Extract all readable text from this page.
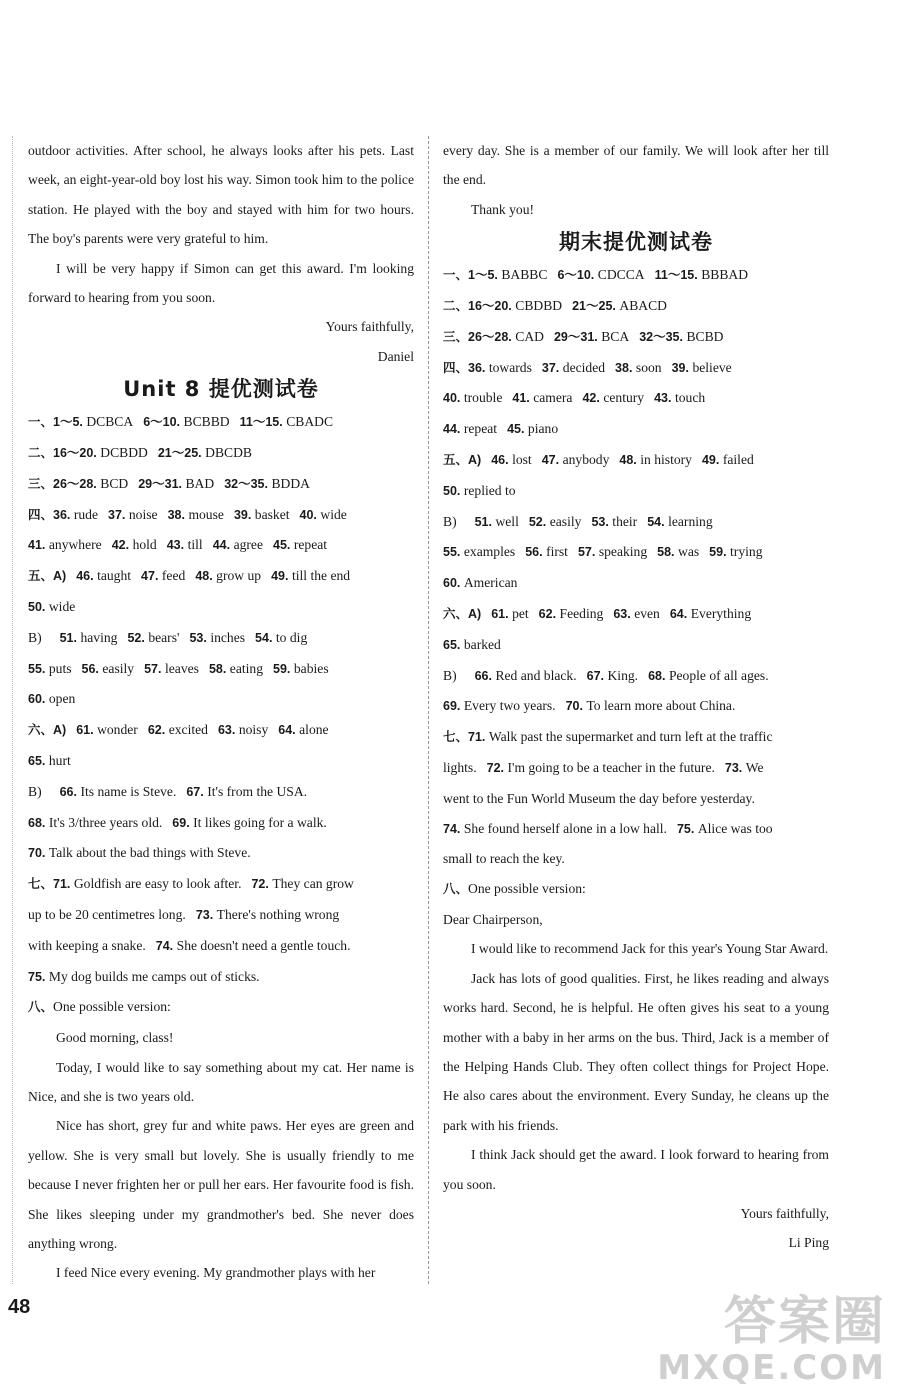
outdoor activities. After school, he always looks after his pets. Last week, an eight-year-old boy lost his way. Simon took him to the police station. He played with the boy and stayed with him for two hours. The boy's parents were very grateful to him.

I will be very happy if Simon can get this award. I'm looking forward to hearing from you soon.

Yours faithfully,

Daniel

Unit 8 提优测试卷

一、1～5. DCBCA 6～10. BCBBD 11～15. CBADC

二、16～20. DCBDD 21～25. DBCDB

三、26～28. BCD 29～31. BAD 32～35. BDDA

四、36. rude 37. noise 38. mouse 39. basket 40. wide

41. anywhere 42. hold 43. till 44. agree 45. repeat

五、A) 46. taught 47. feed 48. grow up 49. till the end

50. wide

B) 51. having 52. bears' 53. inches 54. to dig

55. puts 56. easily 57. leaves 58. eating 59. babies

60. open

六、A) 61. wonder 62. excited 63. noisy 64. alone

65. hurt

B) 66. Its name is Steve. 67. It's from the USA.

68. It's 3/three years old. 69. It likes going for a walk.

70. Talk about the bad things with Steve.

七、71. Goldfish are easy to look after. 72. They can grow

up to be 20 centimetres long. 73. There's nothing wrong

with keeping a snake. 74. She doesn't need a gentle touch.

75. My dog builds me camps out of sticks.

八、One possible version:

Good morning, class!

Today, I would like to say something about my cat. Her name is Nice, and she is two years old.

Nice has short, grey fur and white paws. Her eyes are green and yellow. She is very small but lovely. She is usually friendly to me because I never frighten her or pull her ears. Her favourite food is fish. She likes sleeping under my grandmother's bed. She never does anything wrong.

I feed Nice every evening. My grandmother plays with her

every day. She is a member of our family. We will look after her till the end.

Thank you!

期末提优测试卷

一、1～5. BABBC 6～10. CDCCA 11～15. BBBAD

二、16～20. CBDBD 21～25. ABACD

三、26～28. CAD 29～31. BCA 32～35. BCBD

四、36. towards 37. decided 38. soon 39. believe

40. trouble 41. camera 42. century 43. touch

44. repeat 45. piano

五、A) 46. lost 47. anybody 48. in history 49. failed

50. replied to

B) 51. well 52. easily 53. their 54. learning

55. examples 56. first 57. speaking 58. was 59. trying

60. American

六、A) 61. pet 62. Feeding 63. even 64. Everything

65. barked

B) 66. Red and black. 67. King. 68. People of all ages.

69. Every two years. 70. To learn more about China.

七、71. Walk past the supermarket and turn left at the traffic

lights. 72. I'm going to be a teacher in the future. 73. We

went to the Fun World Museum the day before yesterday.

74. She found herself alone in a low hall. 75. Alice was too

small to reach the key.

八、One possible version:

Dear Chairperson,

I would like to recommend Jack for this year's Young Star Award.

Jack has lots of good qualities. First, he likes reading and always works hard. Second, he is helpful. He often gives his seat to a young mother with a baby in her arms on the bus. Third, Jack is a member of the Helping Hands Club. They often collect things for Project Hope. He also cares about the environment. Every Sunday, he cleans up the park with his friends.

I think Jack should get the award. I look forward to hearing from you soon.

Yours faithfully,

Li Ping

48	答案圈
MXQE.COM
